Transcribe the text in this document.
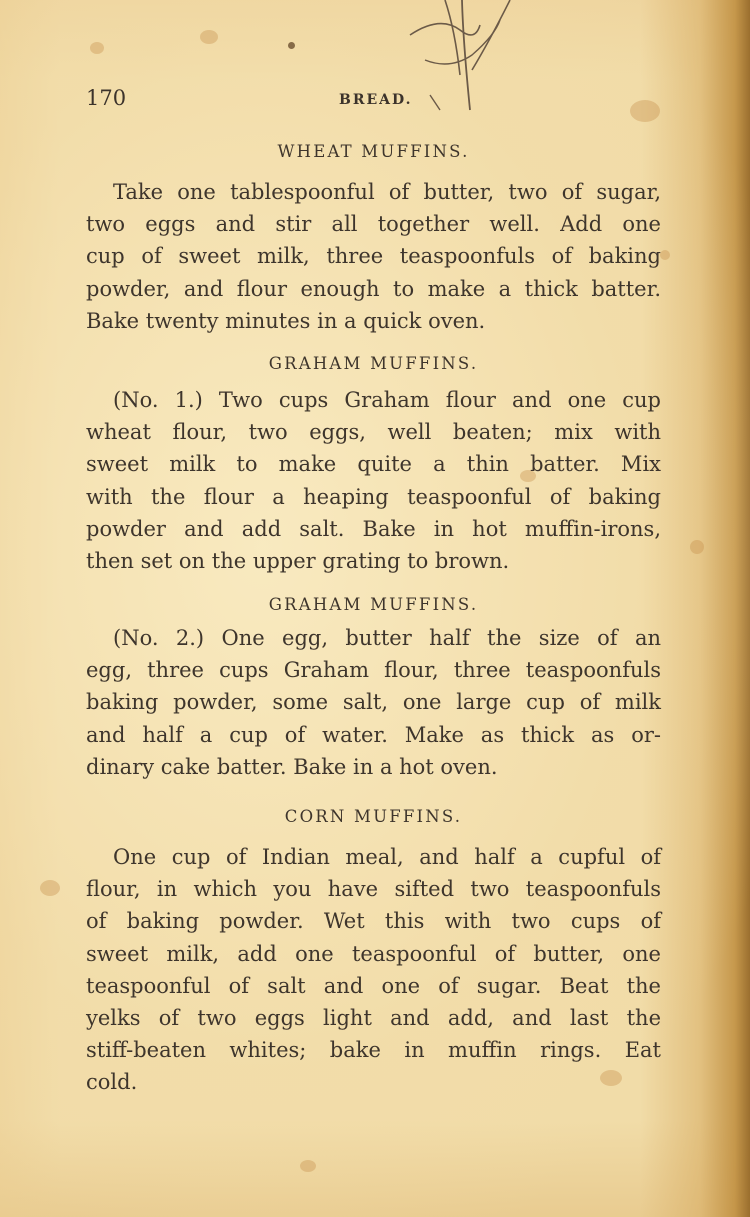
170	BREAD.
WHEAT MUFFINS.
Take one tablespoonful of butter, two of sugar,
two eggs and stir all together well. Add one
cup of sweet milk, three teaspoonfuls of baking
powder, and flour enough to make a thick batter.
Bake twenty minutes in a quick oven.
GRAHAM MUFFINS.
(No. 1.) Two cups Graham flour and one cup
wheat flour, two eggs, well beaten; mix with
sweet milk to make quite a thin batter. Mix
with the flour a heaping teaspoonful of baking
powder and add salt. Bake in hot muffin-irons,
then set on the upper grating to brown.
GRAHAM MUFFINS.
(No. 2.) One egg, butter half the size of an
egg, three cups Graham flour, three teaspoonfuls
baking powder, some salt, one large cup of milk
and half a cup of water. Make as thick as or-
dinary cake batter. Bake in a hot oven.
CORN MUFFINS.
One cup of Indian meal, and half a cupful of
flour, in which you have sifted two teaspoonfuls
of baking powder. Wet this with two cups of
sweet milk, add one teaspoonful of butter, one
teaspoonful of salt and one of sugar. Beat the
yelks of two eggs light and add, and last the
stiff-beaten whites; bake in muffin rings. Eat
cold.
